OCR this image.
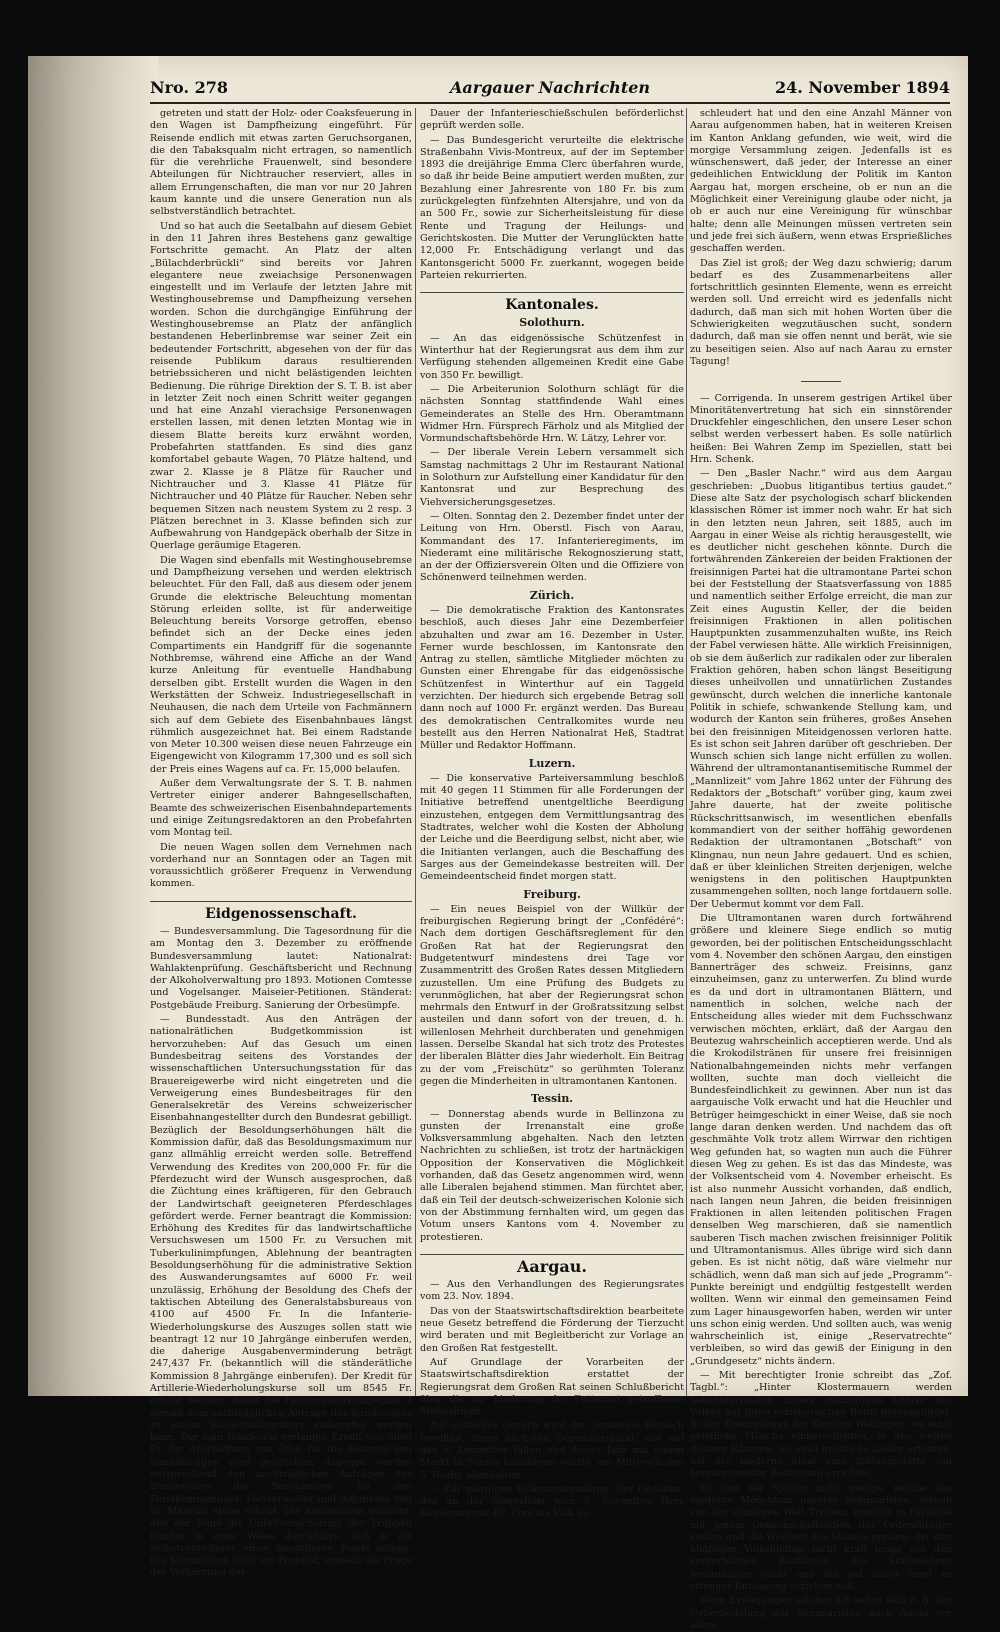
Nro. 278	Aargauer Nachrichten	24. November 1894

getreten und statt der Holz- oder Coaksfeuerung in den Wagen ist Dampfheizung eingeführt. Für Reisende endlich mit etwas zarten Geruchsorganen, die den Tabaksqualm nicht ertragen, so namentlich für die verehrliche Frauenwelt, sind besondere Abteilungen für Nichtraucher reserviert, alles in allem Errungenschaften, die man vor nur 20 Jahren kaum kannte und die unsere Generation nun als selbstverständlich betrachtet.

Und so hat auch die Seetalbahn auf diesem Gebiet in den 11 Jahren ihres Bestehens ganz gewaltige Fortschritte gemacht. An Platz der alten „Bülachderbrückli“ sind bereits vor Jahren elegantere neue zweiachsige Personenwagen eingestellt und im Verlaufe der letzten Jahre mit Westinghousebremse und Dampfheizung versehen worden. Schon die durchgängige Einführung der Westinghousebremse an Platz der anfänglich bestandenen Heberlinbremse war seiner Zeit ein bedeutender Fortschritt, abgesehen von der für das reisende Publikum daraus resultierenden betriebssicheren und nicht belästigenden leichten Bedienung. Die rührige Direktion der S. T. B. ist aber in letzter Zeit noch einen Schritt weiter gegangen und hat eine Anzahl vierachsige Personenwagen erstellen lassen, mit denen letzten Montag wie in diesem Blatte bereits kurz erwähnt worden, Probefahrten stattfanden. Es sind dies ganz komfortabel gebaute Wagen, 70 Plätze haltend, und zwar 2. Klasse je 8 Plätze für Raucher und Nichtraucher und 3. Klasse 41 Plätze für Nichtraucher und 40 Plätze für Raucher. Neben sehr bequemen Sitzen nach neustem System zu 2 resp. 3 Plätzen berechnet in 3. Klasse befinden sich zur Aufbewahrung von Handgepäck oberhalb der Sitze in Querlage geräumige Etageren.

Die Wagen sind ebenfalls mit Westinghousebremse und Dampfheizung versehen und werden elektrisch beleuchtet. Für den Fall, daß aus diesem oder jenem Grunde die elektrische Beleuchtung momentan Störung erleiden sollte, ist für anderweitige Beleuchtung bereits Vorsorge getroffen, ebenso befindet sich an der Decke eines jeden Compartiments ein Handgriff für die sogenannte Nothbremse, während eine Affiche an der Wand kurze Anleitung für eventuelle Handhabung derselben gibt. Erstellt wurden die Wagen in den Werkstätten der Schweiz. Industriegesellschaft in Neuhausen, die nach dem Urteile von Fachmännern sich auf dem Gebiete des Eisenbahnbaues längst rühmlich ausgezeichnet hat. Bei einem Radstande von Meter 10.300 weisen diese neuen Fahrzeuge ein Eigengewicht von Kilogramm 17,300 und es soll sich der Preis eines Wagens auf ca. Fr. 15,000 belaufen.

Außer dem Verwaltungsrate der S. T. B. nahmen Vertreter einiger anderer Bahngesellschaften, Beamte des schweizerischen Eisenbahndepartements und einige Zeitungsredaktoren an den Probefahrten vom Montag teil.

Die neuen Wagen sollen dem Vernehmen nach vorderhand nur an Sonntagen oder an Tagen mit voraussichtlich größerer Frequenz in Verwendung kommen.

Eidgenossenschaft.

— Bundesversammlung. Die Tagesordnung für die am Montag den 3. Dezember zu eröffnende Bundesversammlung lautet: Nationalrat: Wahlaktenprüfung. Geschäftsbericht und Rechnung der Alkoholverwaltung pro 1893. Motionen Comtesse und Vogelsanger. Maiseier-Petitionen. Ständerat: Postgebäude Freiburg. Sanierung der Orbesümpfe.

— Bundesstadt. Aus den Anträgen der nationalrätlichen Budgetkommission ist hervorzuheben: Auf das Gesuch um einen Bundesbeitrag seitens des Vorstandes der wissenschaftlichen Untersuchungsstation für das Brauereigewerbe wird nicht eingetreten und die Verweigerung eines Bundesbeitrages für den Generalsekretär des Vereins schweizerischer Eisenbahnangestellter durch den Bundesrat gebilligt. Bezüglich der Besoldungserhöhungen hält die Kommission dafür, daß das Besoldungsmaximum nur ganz allmählig erreicht werden solle. Betreffend Verwendung des Kredites von 200,000 Fr. für die Pferdezucht wird der Wunsch ausgesprochen, daß die Züchtung eines kräftigeren, für den Gebrauch der Landwirtschaft geeigneteren Pferdeschlages gefördert werde. Ferner beantragt die Kommission: Erhöhung des Kredites für das landwirtschaftliche Versuchswesen um 1500 Fr. zu Versuchen mit Tuberkulinimpfungen, Ablehnung der beantragten Besoldungserhöhung für die administrative Sektion des Auswanderungsamtes auf 6000 Fr. weil unzulässig, Erhöhung der Besoldung des Chefs der taktischen Abteilung des Generalstabsbureaus von 4100 auf 4500 Fr. In die Infanterie-Wiederholungskurse des Auszuges sollen statt wie beantragt 12 nur 10 Jahrgänge einberufen werden, die daherige Ausgabenverminderung beträgt 247,437 Fr. (bekanntlich will die ständerätliche Kommission 8 Jahrgänge einberufen). Der Kredit für Artillerie-Wiederholungskurse soll um 8545 Fr. erhöht werden, damit die Feuerwerkerkompagnie 2 gemäß dem nachträglichen Antrage des Bundesrates zu einem Wiederholungskurs einberufen werden kann. Der vom Bundesrat verlangte Kredit von 3000 Fr. für Anschaffung von Öfen für die Heizung von Sanitätszügen wird gestrichen; dagegen werden entsprechend den nachträglichen Anträgen des Bundesrates die Besoldungen für den Forstkommandant, Fortverwalter und Adjunkten von St. Maurice etwas erhöht. Die Kommission wünscht, daß der Bund die Unfallversicherung der Truppen künftig in einer Weise durchführe, daß er als Selbstversicherer einen besonderen Fonds anlege. Die Kommission stellt ein Postulat, wonach die Frage der Verkürzung der

Dauer der Infanterieschießschulen beförderlichst geprüft werden solle.

— Das Bundesgericht verurteilte die elektrische Straßenbahn Vivis-Montreux, auf der im September 1893 die dreijährige Emma Clerc überfahren wurde, so daß ihr beide Beine amputiert werden mußten, zur Bezahlung einer Jahresrente von 180 Fr. bis zum zurückgelegten fünfzehnten Altersjahre, und von da an 500 Fr., sowie zur Sicherheitsleistung für diese Rente und Tragung der Heilungs- und Gerichtskosten. Die Mutter der Verunglückten hatte 12,000 Fr. Entschädigung verlangt und das Kantonsgericht 5000 Fr. zuerkannt, wogegen beide Parteien rekurrierten.

Kantonales.
Solothurn.

— An das eidgenössische Schützenfest in Winterthur hat der Regierungsrat aus dem ihm zur Verfügung stehenden allgemeinen Kredit eine Gabe von 350 Fr. bewilligt.

— Die Arbeiterunion Solothurn schlägt für die nächsten Sonntag stattfindende Wahl eines Gemeinderates an Stelle des Hrn. Oberamtmann Widmer Hrn. Fürsprech Färholz und als Mitglied der Vormundschaftsbehörde Hrn. W. Lätzy, Lehrer vor.

— Der liberale Verein Lebern versammelt sich Samstag nachmittags 2 Uhr im Restaurant National in Solothurn zur Aufstellung einer Kandidatur für den Kantonsrat und zur Besprechung des Viehversicherungsgesetzes.

— Olten. Sonntag den 2. Dezember findet unter der Leitung von Hrn. Oberstl. Fisch von Aarau, Kommandant des 17. Infanterieregiments, im Niederamt eine militärische Rekognoszierung statt, an der der Offiziersverein Olten und die Offiziere von Schönenwerd teilnehmen werden.

Zürich.

— Die demokratische Fraktion des Kantonsrates beschloß, auch dieses Jahr eine Dezemberfeier abzuhalten und zwar am 16. Dezember in Uster. Ferner wurde beschlossen, im Kantonsrate den Antrag zu stellen, sämtliche Mitglieder möchten zu Gunsten einer Ehrengabe für das eidgenössische Schützenfest in Winterthur auf ein Taggeld verzichten. Der hiedurch sich ergebende Betrag soll dann noch auf 1000 Fr. ergänzt werden. Das Bureau des demokratischen Centralkomites wurde neu bestellt aus den Herren Nationalrat Heß, Stadtrat Müller und Redaktor Hoffmann.

Luzern.

— Die konservative Parteiversammlung beschloß mit 40 gegen 11 Stimmen für alle Forderungen der Initiative betreffend unentgeltliche Beerdigung einzustehen, entgegen dem Vermittlungsantrag des Stadtrates, welcher wohl die Kosten der Abholung der Leiche und die Beerdigung selbst, nicht aber, wie die Initianten verlangen, auch die Beschaffung des Sarges aus der Gemeindekasse bestreiten will. Der Gemeindeentscheid findet morgen statt.

Freiburg.

— Ein neues Beispiel von der Willkür der freiburgischen Regierung bringt der „Confédéré“: Nach dem dortigen Geschäftsreglement für den Großen Rat hat der Regierungsrat den Budgetentwurf mindestens drei Tage vor Zusammentritt des Großen Rates dessen Mitgliedern zuzustellen. Um eine Prüfung des Budgets zu verunmöglichen, hat aber der Regierungsrat schon mehrmals den Entwurf in der Großratssitzung selbst austeilen und dann sofort von der treuen, d. h. willenlosen Mehrheit durchberaten und genehmigen lassen. Derselbe Skandal hat sich trotz des Protestes der liberalen Blätter dies Jahr wiederholt. Ein Beitrag zu der vom „Freischütz“ so gerühmten Toleranz gegen die Minderheiten in ultramontanen Kantonen.

Tessin.

— Donnerstag abends wurde in Bellinzona zu gunsten der Irrenanstalt eine große Volksversammlung abgehalten. Nach den letzten Nachrichten zu schließen, ist trotz der hartnäckigen Opposition der Konservativen die Möglichkeit vorhanden, daß das Gesetz angenommen wird, wenn alle Liberalen bejahend stimmen. Man fürchtet aber, daß ein Teil der deutsch-schweizerischen Kolonie sich von der Abstimmung fernhalten wird, um gegen das Votum unsers Kantons vom 4. November zu protestieren.

Aargau.

— Aus den Verhandlungen des Regierungsrates vom 23. Nov. 1894.

Das von der Staatswirtschaftsdirektion bearbeitete neue Gesetz betreffend die Förderung der Tierzucht wird beraten und mit Begleitbericht zur Vorlage an den Großen Rat festgestellt.

Auf Grundlage der Vorarbeiten der Staatswirtschaftsdirektion erstattet der Regierungsrat dem Großen Rat seinen Schlußbericht über die zur Linderung der Futternot getroffenen Maßnahmen.

Auf gestelltes Gesuch wird der Gemeinde Reinach bewilligt, ihren nächsten Dezembermarkt, der auf den 6. Dezember fallen und dieses Jahr mit einem Markt in Surses kollidieren würde, am Mittwoch den 5. Dezbr. abzuhalten.

— Zur morgigen Volksversammlung. Der Gedanke, den an der Siegesfeier vom 5. November Herr Regierungsrat Dr. Frey ins Volk ge-

schleudert hat und den eine Anzahl Männer von Aarau aufgenommen haben, hat in weiteren Kreisen im Kanton Anklang gefunden, wie weit, wird die morgige Versammlung zeigen. Jedenfalls ist es wünschenswert, daß jeder, der Interesse an einer gedeihlichen Entwicklung der Politik im Kanton Aargau hat, morgen erscheine, ob er nun an die Möglichkeit einer Vereinigung glaube oder nicht, ja ob er auch nur eine Vereinigung für wünschbar halte; denn alle Meinungen müssen vertreten sein und jede frei sich äußern, wenn etwas Ersprießliches geschaffen werden.

Das Ziel ist groß; der Weg dazu schwierig; darum bedarf es des Zusammenarbeitens aller fortschrittlich gesinnten Elemente, wenn es erreicht werden soll. Und erreicht wird es jedenfalls nicht dadurch, daß man sich mit hohen Worten über die Schwierigkeiten wegzutäuschen sucht, sondern dadurch, daß man sie offen nennt und berät, wie sie zu beseitigen seien. Also auf nach Aarau zu ernster Tagung!

— Corrigenda. In unserem gestrigen Artikel über Minoritätenvertretung hat sich ein sinnstörender Druckfehler eingeschlichen, den unsere Leser schon selbst werden verbessert haben. Es solle natürlich heißen: Bei Wahren Zemp im Speziellen, statt bei Hrn. Schenk.

— Den „Basler Nachr.“ wird aus dem Aargau geschrieben: „Duobus litigantibus tertius gaudet.“ Diese alte Satz der psychologisch scharf blickenden klassischen Römer ist immer noch wahr. Er hat sich in den letzten neun Jahren, seit 1885, auch im Aargau in einer Weise als richtig herausgestellt, wie es deutlicher nicht geschehen könnte. Durch die fortwährenden Zänkereien der beiden Fraktionen der freisinnigen Partei hat die ultramontane Partei schon bei der Feststellung der Staatsverfassung von 1885 und namentlich seither Erfolge erreicht, die man zur Zeit eines Augustin Keller, der die beiden freisinnigen Fraktionen in allen politischen Hauptpunkten zusammenzuhalten wußte, ins Reich der Fabel verwiesen hätte. Alle wirklich Freisinnigen, ob sie dem äußerlich zur radikalen oder zur liberalen Fraktion gehören, haben schon längst Beseitigung dieses unheilvollen und unnatürlichen Zustandes gewünscht, durch welchen die innerliche kantonale Politik in schiefe, schwankende Stellung kam, und wodurch der Kanton sein früheres, großes Ansehen bei den freisinnigen Miteidgenossen verloren hatte. Es ist schon seit Jahren darüber oft geschrieben. Der Wunsch schien sich lange nicht erfüllen zu wollen. Während der ultramontanantisemitische Rummel der „Mannlizeit“ vom Jahre 1862 unter der Führung des Redaktors der „Botschaft“ vorüber ging, kaum zwei Jahre dauerte, hat der zweite politische Rückschrittsanwisch, im wesentlichen ebenfalls kommandiert von der seither hoffähig gewordenen Redaktion der ultramontanen „Botschaft“ von Klingnau, nun neun Jahre gedauert. Und es schien, daß er über kleinlichen Streiten derjenigen, welche wenigstens in den politischen Hauptpunkten zusammengehen sollten, noch lange fortdauern solle. Der Uebermut kommt vor dem Fall.

Die Ultramontanen waren durch fortwährend größere und kleinere Siege endlich so mutig geworden, bei der politischen Entscheidungsschlacht vom 4. November den schönen Aargau, den einstigen Bannerträger des schweiz. Freisinns, ganz einzuheimsen, ganz zu unterwerfen. Zu blind wurde es da und dort in ultramontanen Blättern, und namentlich in solchen, welche nach der Entscheidung alles wieder mit dem Fuchsschwanz verwischen möchten, erklärt, daß der Aargau den Beutezug wahrscheinlich acceptieren werde. Und als die Krokodilstränen für unsere frei freisinnigen Nationalbahngemeinden nichts mehr verfangen wollten, suchte man doch vielleicht die Bundesfeindlichkeit zu gewinnen. Aber nun ist das aargauische Volk erwacht und hat die Heuchler und Betrüger heimgeschickt in einer Weise, daß sie noch lange daran denken werden. Und nachdem das oft geschmähte Volk trotz allem Wirrwar den richtigen Weg gefunden hat, so wagten nun auch die Führer diesen Weg zu gehen. Es ist das das Mindeste, was der Volksentscheid vom 4. November erheischt. Es ist also nunmehr Aussicht vorhanden, daß endlich, nach langen neun Jahren, die beiden freisinnigen Fraktionen in allen leitenden politischen Fragen denselben Weg marschieren, daß sie namentlich sauberen Tisch machen zwischen freisinniger Politik und Ultramontanismus. Alles übrige wird sich dann geben. Es ist nicht nötig, daß wäre vielmehr nur schädlich, wenn daß man sich auf jede „Programm“-Punkte bereinigt und endgültig festgestellt werden wollten. Wenn wir einmal den gemeinsamen Feind zum Lager hinausgeworfen haben, werden wir unter uns schon einig werden. Und sollten auch, was wenig wahrscheinlich ist, einige „Reservatrechte“ verbleiben, so wird das gewiß der Einigung in den „Grundgesetz“ nichts ändern.

— Mit berechtigter Ironie schreibt das „Zof. Tagbl.“: „Hinter Klostermauern werden bekanntermaßen unsere zukünftigen Lehrer des Volkes auf ihren erzieherischen Beruf herangebildet. In den Kreuzgängen des Klosters Wettingen, wo einst geistliche Mönche einherschritten, in den weiten düstern Räumen, wo einst geistliche Lieder ertönten, hat der moderne Staat eine Bildungsstätte von hervorragender Bedeutung errichtet.

Es sind der Spötter nicht wenige, welche das moderne Mönchtum unserer Seminaristen, fernab von der ständigen Welt Treiben, ironisch in Parallele mit jenem Gemeinschaftsleben der Ordensbrüder stellen und die Weisheit des Staates preisen, der den künftigen Volksbildner nicht kraft lange von den verderblichen Einflüssen des Städtelebens fernzuhalten sucht und ihn auf stiller Insel zu strenger Entsagung erziehen will.

Denn Erwägungen solcher Art sollen sich z. B. der Ueberfiedelung der Seminaristen nach Aarau vor allem
